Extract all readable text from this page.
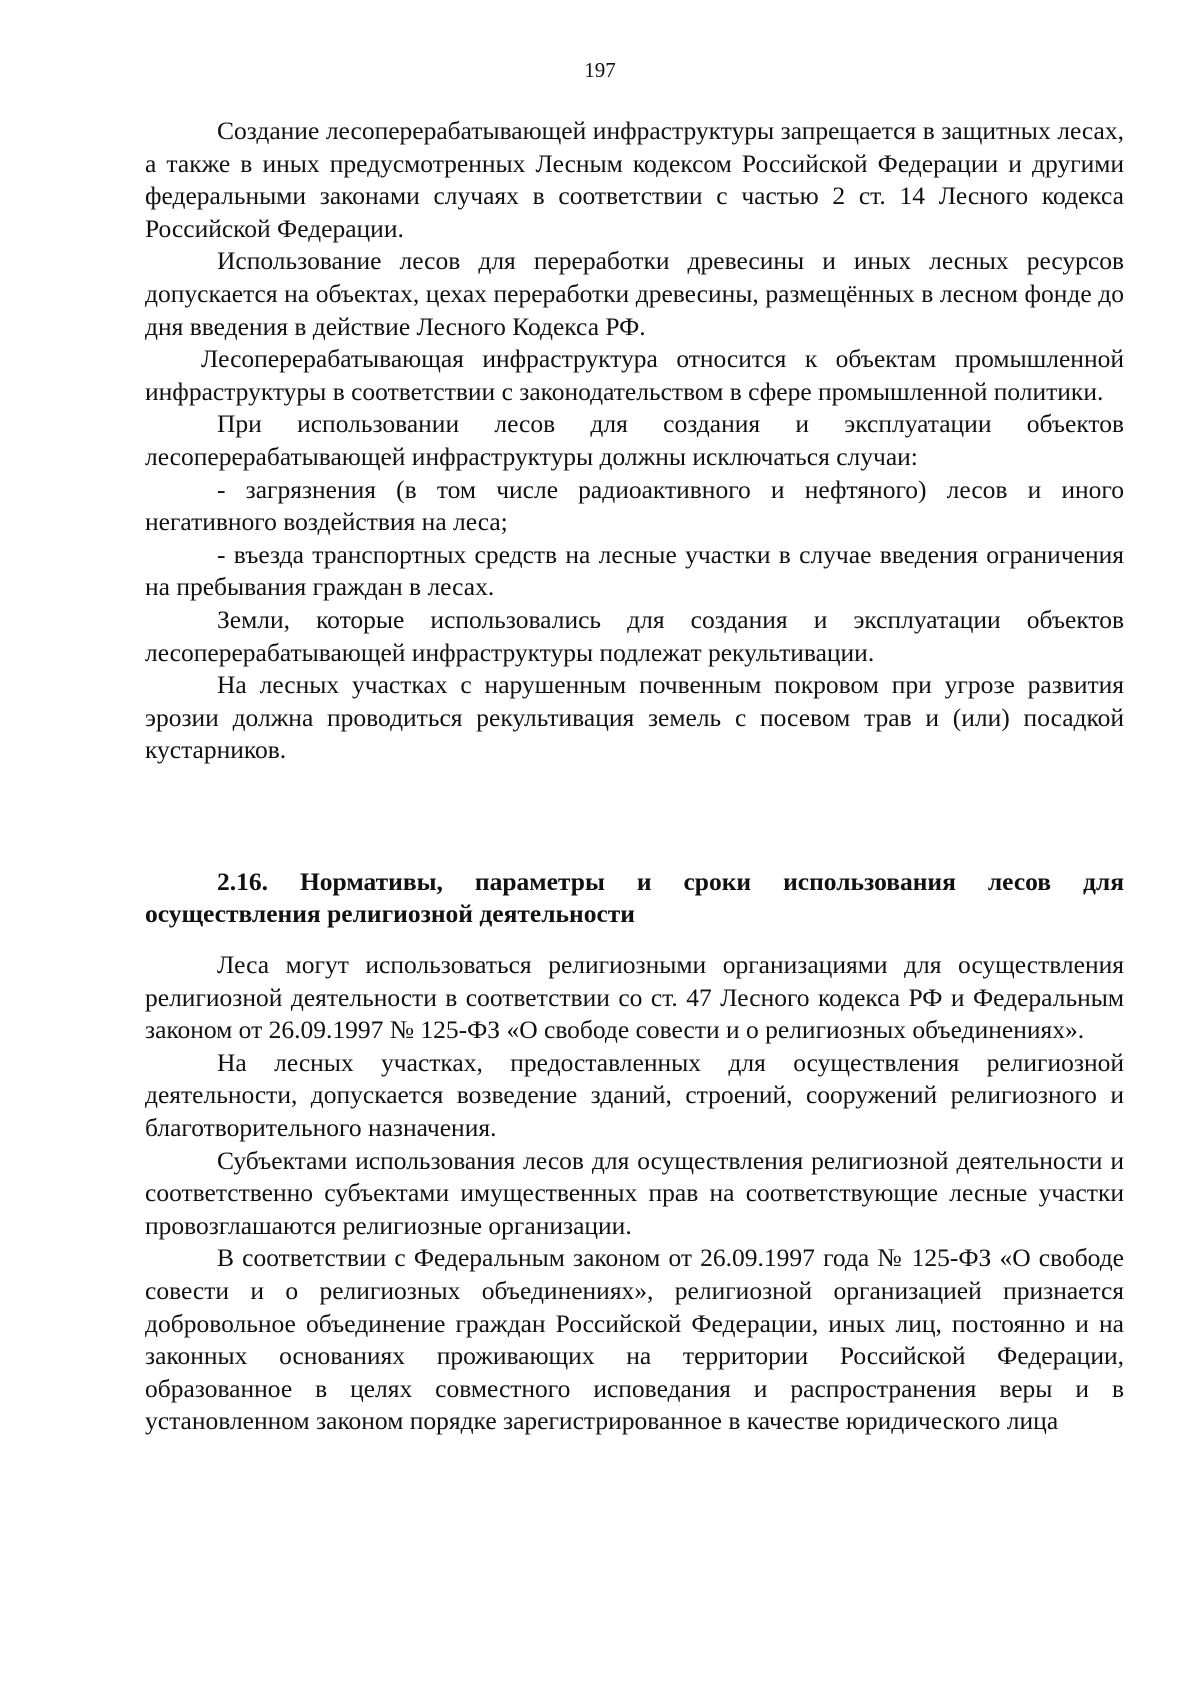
197

Создание лесоперерабатывающей инфраструктуры запрещается в защитных лесах, а также в иных предусмотренных Лесным кодексом Российской Федерации и другими федеральными законами случаях в соответствии с частью 2 ст. 14 Лесного кодекса Российской Федерации.

Использование лесов для переработки древесины и иных лесных ресурсов допускается на объектах, цехах переработки древесины, размещённых в лесном фонде до дня введения в действие Лесного Кодекса РФ.

Лесоперерабатывающая инфраструктура относится к объектам промышленной инфраструктуры в соответствии с законодательством в сфере промышленной политики.

При использовании лесов для создания и эксплуатации объектов лесоперерабатывающей инфраструктуры должны исключаться случаи:

- загрязнения (в том числе радиоактивного и нефтяного) лесов и иного негативного воздействия на леса;

- въезда транспортных средств на лесные участки в случае введения ограничения на пребывания граждан в лесах.

Земли, которые использовались для создания и эксплуатации объектов лесоперерабатывающей инфраструктуры подлежат рекультивации.

На лесных участках с нарушенным почвенным покровом при угрозе развития эрозии должна проводиться рекультивация земель с посевом трав и (или) посадкой кустарников.

2.16. Нормативы, параметры и сроки использования лесов для осуществления религиозной деятельности

Леса могут использоваться религиозными организациями для осуществления религиозной деятельности в соответствии со ст. 47 Лесного кодекса РФ и Федеральным законом от 26.09.1997 № 125-ФЗ «О свободе совести и о религиозных объединениях».

На лесных участках, предоставленных для осуществления религиозной деятельности, допускается возведение зданий, строений, сооружений религиозного и благотворительного назначения.

Субъектами использования лесов для осуществления религиозной деятельности и соответственно субъектами имущественных прав на соответствующие лесные участки провозглашаются религиозные организации.

В соответствии с Федеральным законом от 26.09.1997 года № 125-ФЗ «О свободе совести и о религиозных объединениях», религиозной организацией признается добровольное объединение граждан Российской Федерации, иных лиц, постоянно и на законных основаниях проживающих на территории Российской Федерации, образованное в целях совместного исповедания и распространения веры и в установленном законом порядке зарегистрированное в качестве юридического лица
